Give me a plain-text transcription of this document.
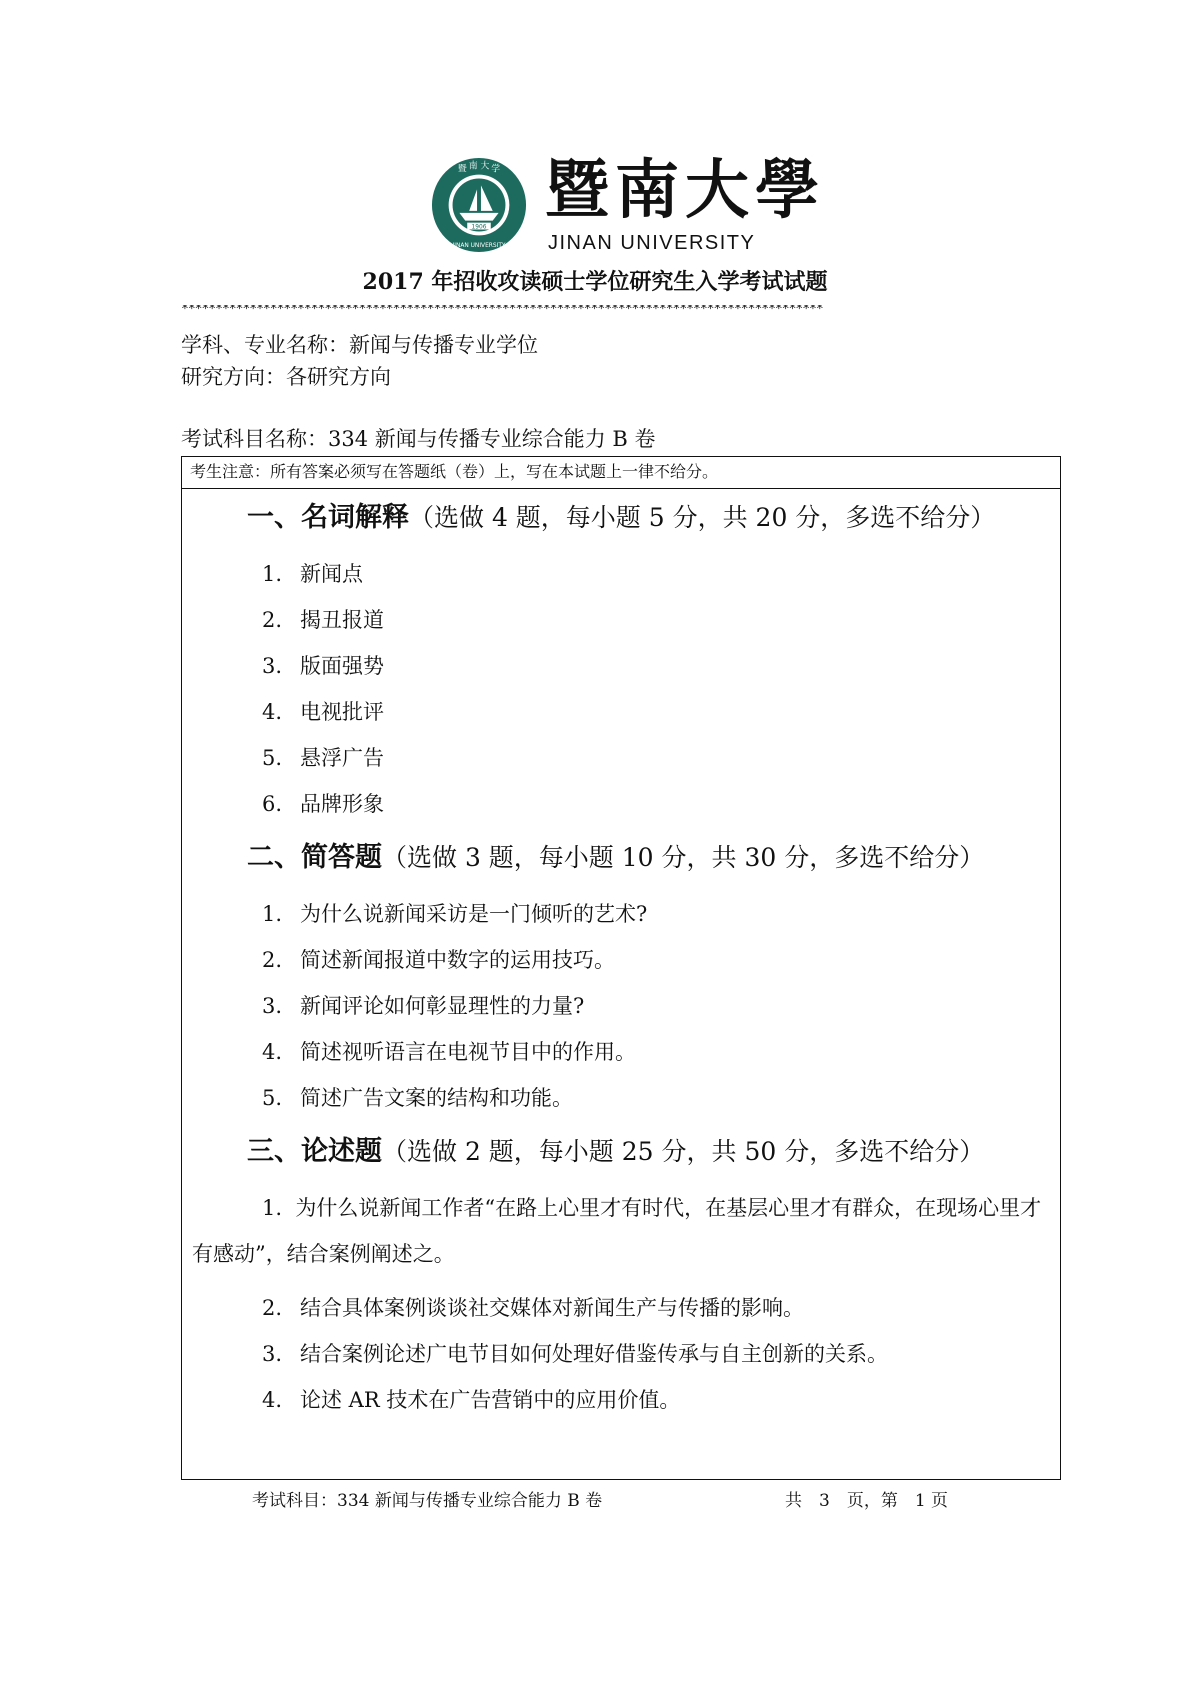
暨 南 大 学
1906
JINAN UNIVERSITY
暨南大學
JINAN UNIVERSITY
2017 年招收攻读硕士学位研究生入学考试试题
**********************************************************************************************
学科、专业名称：新闻与传播专业学位
研究方向：各研究方向
考试科目名称：334 新闻与传播专业综合能力 B 卷
考生注意：所有答案必须写在答题纸（卷）上，写在本试题上一律不给分。
一、名词解释（选做 4 题，每小题 5 分，共 20 分，多选不给分）
1. 新闻点
2. 揭丑报道
3. 版面强势
4. 电视批评
5. 悬浮广告
6. 品牌形象
二、简答题（选做 3 题，每小题 10 分，共 30 分，多选不给分）
1. 为什么说新闻采访是一门倾听的艺术?
2. 简述新闻报道中数字的运用技巧。
3. 新闻评论如何彰显理性的力量?
4. 简述视听语言在电视节目中的作用。
5. 简述广告文案的结构和功能。
三、论述题（选做 2 题，每小题 25 分，共 50 分，多选不给分）
1. 为什么说新闻工作者“在路上心里才有时代，在基层心里才有群众，在现场心里才有感动”，结合案例阐述之。
2. 结合具体案例谈谈社交媒体对新闻生产与传播的影响。
3. 结合案例论述广电节目如何处理好借鉴传承与自主创新的关系。
4. 论述 AR 技术在广告营销中的应用价值。
考试科目：334 新闻与传播专业综合能力 B 卷	共　3　页，第　1 页
